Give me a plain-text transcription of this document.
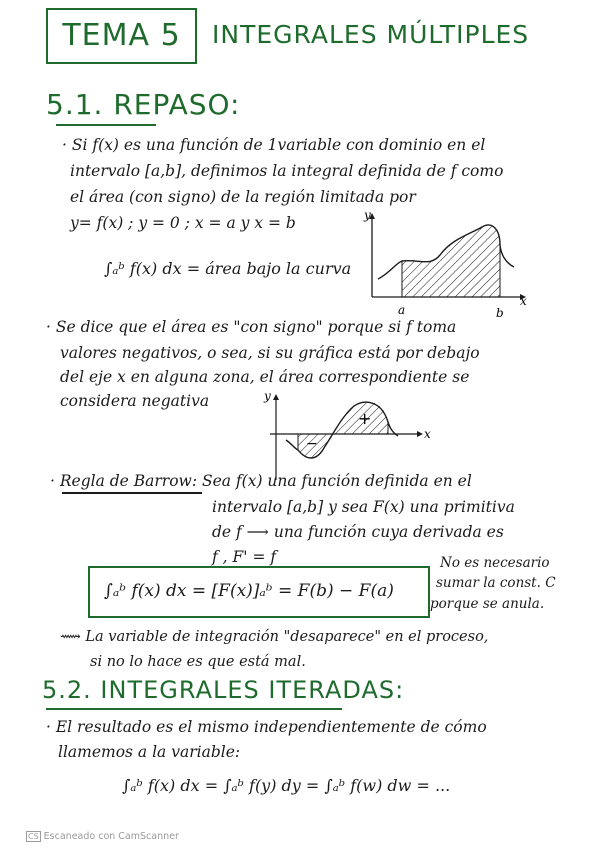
TEMA 5	INTEGRALES MÚLTIPLES
5.1. REPASO:
· Si f(x) es una función de 1variable con dominio en el
intervalo [a,b], definimos la integral definida de f como
el área (con signo) de la región limitada por
y= f(x) ; y = 0 ; x = a y x = b
∫ₐᵇ f(x) dx = área bajo la curva
y
x
a	b
· Se dice que el área es "con signo" porque si f toma
valores negativos, o sea, si su gráfica está por debajo
del eje x en alguna zona, el área correspondiente se
considera negativa	y
x
+
−
· Regla de Barrow: Sea f(x) una función definida en el
intervalo [a,b] y sea F(x) una primitiva
de f ⟶ una función cuya derivada es
f , F' = f
∫ₐᵇ f(x) dx = [F(x)]ₐᵇ = F(b) − F(a)
No es necesario
sumar la const. C
porque se anula.
⟿ La variable de integración "desaparece" en el proceso,
si no lo hace es que está mal.
5.2. INTEGRALES ITERADAS:
· El resultado es el mismo independientemente de cómo
llamemos a la variable:
∫ₐᵇ f(x) dx = ∫ₐᵇ f(y) dy = ∫ₐᵇ f(w) dw = ...
CS Escaneado con CamScanner
